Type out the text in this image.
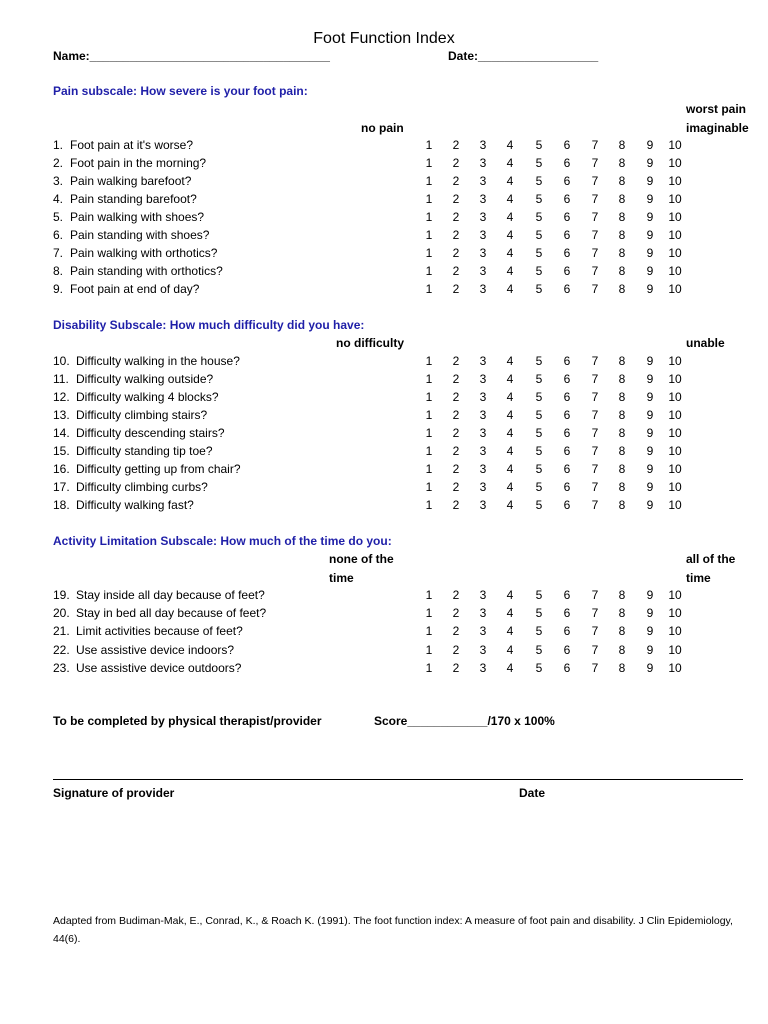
Foot Function Index
Name:____________________________________	Date:__________________
Pain subscale: How severe is your foot pain:
worst pain
imaginable
no pain
1. Foot pain at it's worse?	1	2	3	4	5	6	7	8	9	10
2. Foot pain in the morning?	1	2	3	4	5	6	7	8	9	10
3. Pain walking barefoot?	1	2	3	4	5	6	7	8	9	10
4. Pain standing barefoot?	1	2	3	4	5	6	7	8	9	10
5. Pain walking with shoes?	1	2	3	4	5	6	7	8	9	10
6. Pain standing with shoes?	1	2	3	4	5	6	7	8	9	10
7. Pain walking with orthotics?	1	2	3	4	5	6	7	8	9	10
8. Pain standing with orthotics?	1	2	3	4	5	6	7	8	9	10
9. Foot pain at end of day?	1	2	3	4	5	6	7	8	9	10
Disability Subscale: How much difficulty did you have:
no difficulty	unable
10. Difficulty walking in the house?	1	2	3	4	5	6	7	8	9	10
11. Difficulty walking outside?	1	2	3	4	5	6	7	8	9	10
12. Difficulty walking 4 blocks?	1	2	3	4	5	6	7	8	9	10
13. Difficulty climbing stairs?	1	2	3	4	5	6	7	8	9	10
14. Difficulty descending stairs?	1	2	3	4	5	6	7	8	9	10
15. Difficulty standing tip toe?	1	2	3	4	5	6	7	8	9	10
16. Difficulty getting up from chair?	1	2	3	4	5	6	7	8	9	10
17. Difficulty climbing curbs?	1	2	3	4	5	6	7	8	9	10
18. Difficulty walking fast?	1	2	3	4	5	6	7	8	9	10
Activity Limitation Subscale: How much of the time do you:
none of the
time
all of the
time
19. Stay inside all day because of feet?	1	2	3	4	5	6	7	8	9	10
20. Stay in bed all day because of feet?	1	2	3	4	5	6	7	8	9	10
21. Limit activities because of feet?	1	2	3	4	5	6	7	8	9	10
22. Use assistive device indoors?	1	2	3	4	5	6	7	8	9	10
23. Use assistive device outdoors?	1	2	3	4	5	6	7	8	9	10
To be completed by physical therapist/provider	Score____________/170 x 100%
Signature of provider	Date
Adapted from Budiman-Mak, E., Conrad, K., & Roach K. (1991). The foot function index: A measure of foot pain and disability. J Clin Epidemiology, 44(6).
